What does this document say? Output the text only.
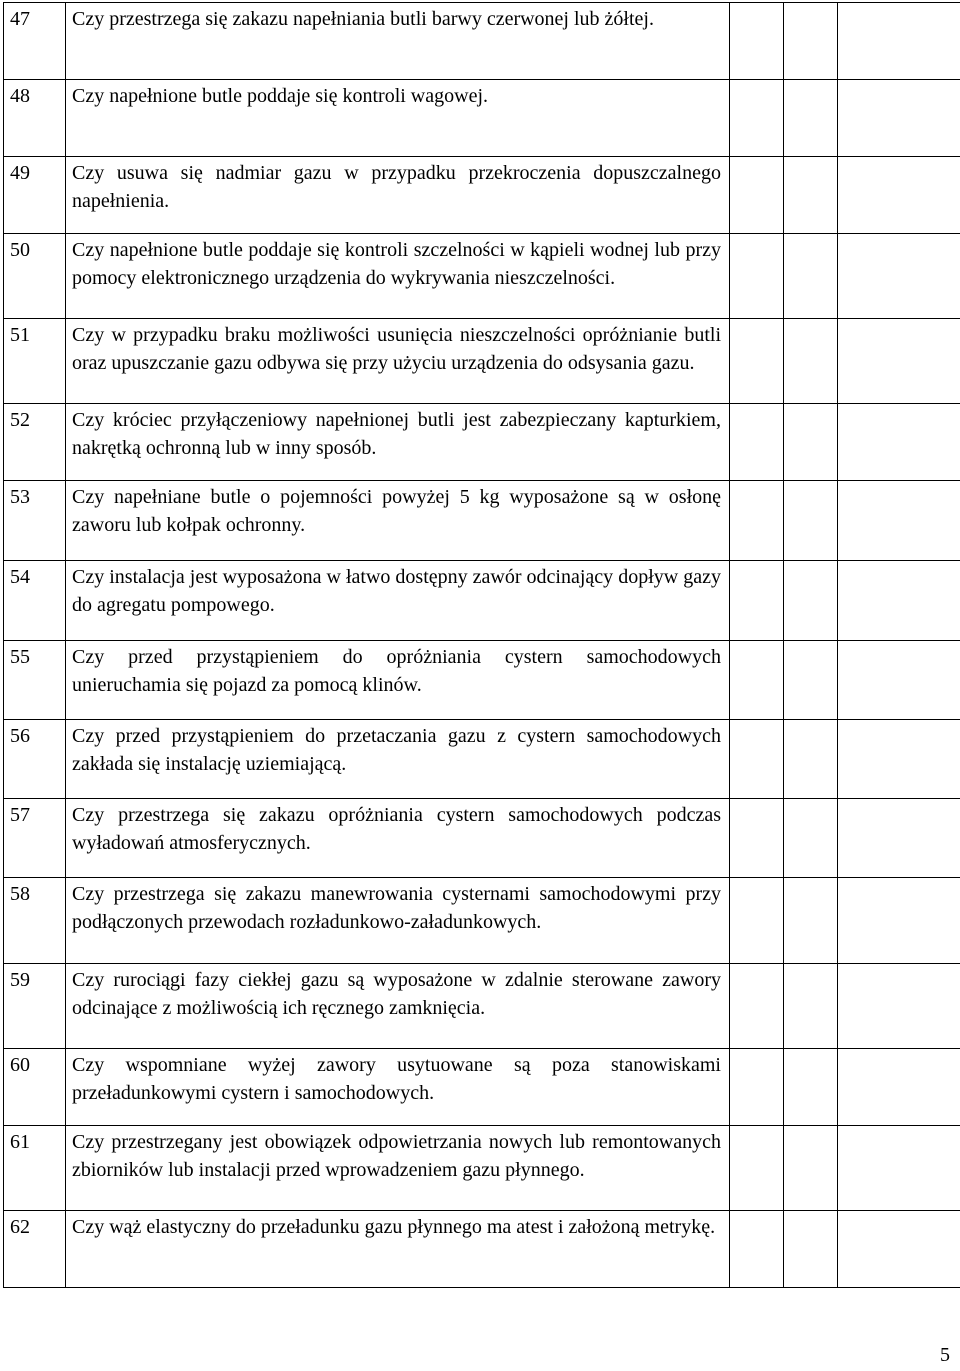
47	Czy przestrzega się zakazu napełniania butli barwy czerwonej lub żółtej.			
48	Czy napełnione butle poddaje się kontroli wagowej.			
49	Czy usuwa się nadmiar gazu w przypadku przekroczenia dopuszczalnego napełnienia.			
50	Czy napełnione butle poddaje się kontroli szczelności w kąpieli wodnej lub przy pomocy elektronicznego urządzenia do wykrywania nieszczelności.			
51	Czy w przypadku braku możliwości usunięcia nieszczelności opróżnianie butli oraz upuszczanie gazu odbywa się przy użyciu urządzenia do odsysania gazu.			
52	Czy króciec przyłączeniowy napełnionej butli jest zabezpieczany kapturkiem, nakrętką ochronną lub w inny sposób.			
53	Czy napełniane butle o pojemności powyżej 5 kg wyposażone są w osłonę zaworu lub kołpak ochronny.			
54	Czy instalacja jest wyposażona w łatwo dostępny zawór odcinający dopływ gazy do agregatu pompowego.			
55	Czy przed przystąpieniem do opróżniania cystern samochodowych unieruchamia się pojazd za pomocą klinów.			
56	Czy przed przystąpieniem do przetaczania gazu z cystern samochodowych zakłada się instalację uziemiającą.			
57	Czy przestrzega się zakazu opróżniania cystern samochodowych podczas wyładowań atmosferycznych.			
58	Czy przestrzega się zakazu manewrowania cysternami samochodowymi przy podłączonych przewodach rozładunkowo-załadunkowych.			
59	Czy rurociągi fazy ciekłej gazu są wyposażone w zdalnie sterowane zawory odcinające z możliwością ich ręcznego zamknięcia.			
60	Czy wspomniane wyżej zawory usytuowane są poza stanowiskami przeładunkowymi cystern i samochodowych.			
61	Czy przestrzegany jest obowiązek odpowietrzania nowych lub remontowanych zbiorników lub instalacji przed wprowadzeniem gazu płynnego.			
62	Czy wąż elastyczny do przeładunku gazu płynnego ma atest i założoną metrykę.			
5
